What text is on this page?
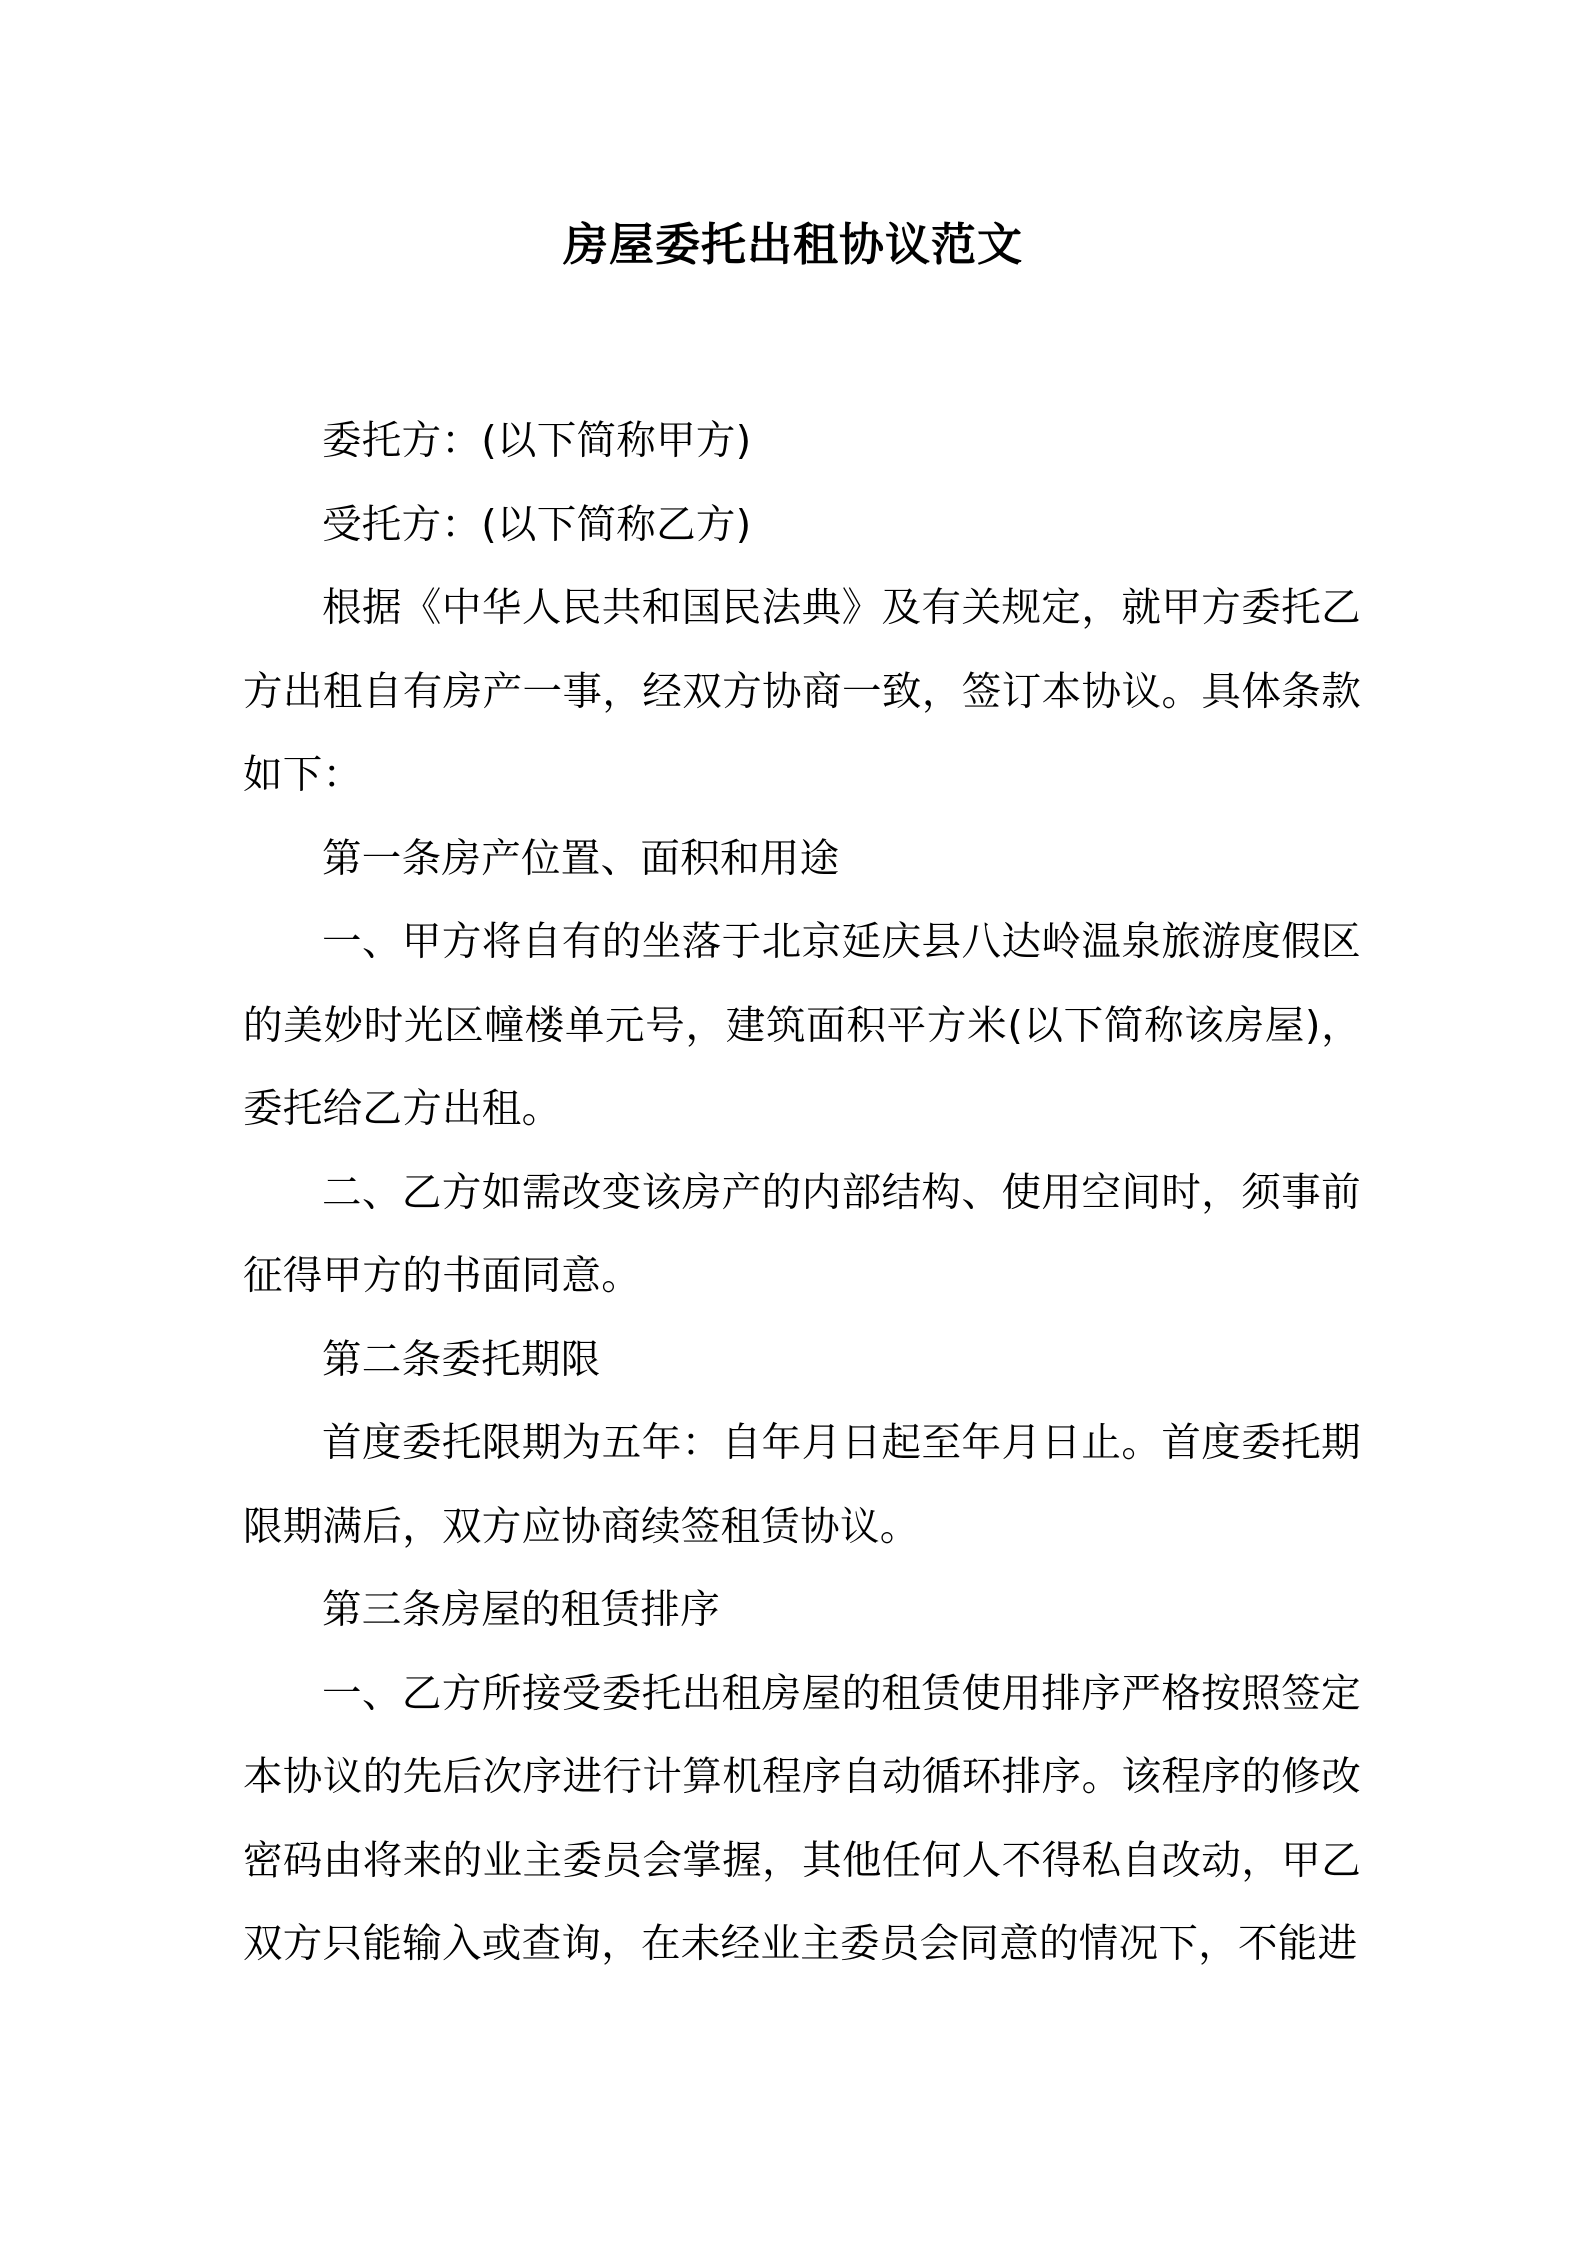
房屋委托出租协议范文

委托方：(以下简称甲方)

受托方：(以下简称乙方)

根据《中华人民共和国民法典》及有关规定，就甲方委托乙方出租自有房产一事，经双方协商一致，签订本协议。具体条款如下：

第一条房产位置、面积和用途

一、甲方将自有的坐落于北京延庆县八达岭温泉旅游度假区的美妙时光区幢楼单元号，建筑面积平方米(以下简称该房屋)，委托给乙方出租。

二、乙方如需改变该房产的内部结构、使用空间时，须事前征得甲方的书面同意。

第二条委托期限

首度委托限期为五年：自年月日起至年月日止。首度委托期限期满后，双方应协商续签租赁协议。

第三条房屋的租赁排序

一、乙方所接受委托出租房屋的租赁使用排序严格按照签定本协议的先后次序进行计算机程序自动循环排序。该程序的修改密码由将来的业主委员会掌握，其他任何人不得私自改动，甲乙双方只能输入或查询，在未经业主委员会同意的情况下，不能进
